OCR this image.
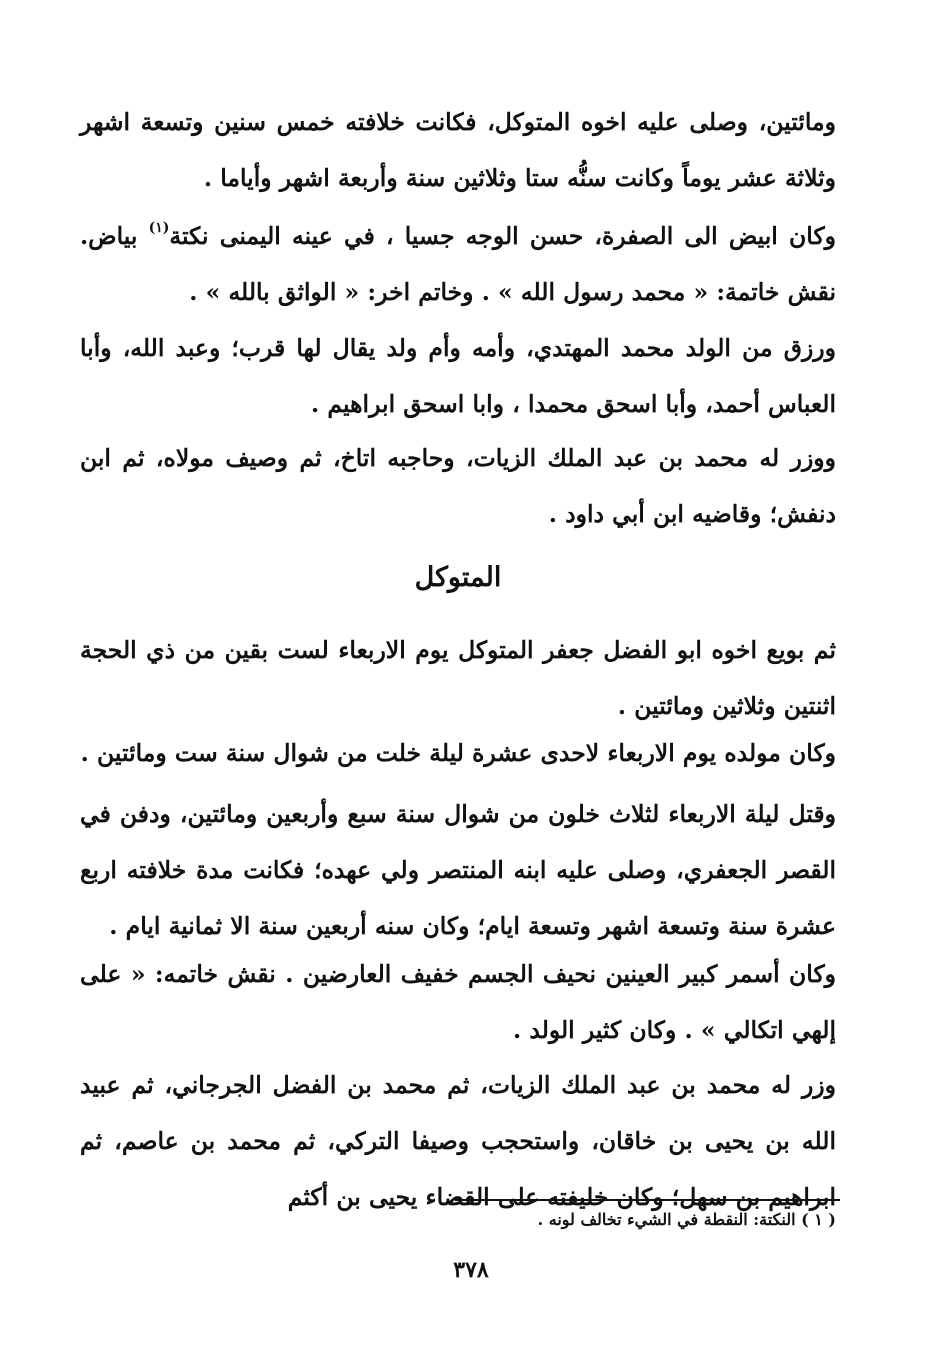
ومائتين، وصلى عليه اخوه المتوكل، فكانت خلافته خمس سنين وتسعة اشهر وثلاثة عشر يوماً وكانت سنُّه ستا وثلاثين سنة وأربعة اشهر وأياما .

وكان ابيض الى الصفرة، حسن الوجه جسيا ، في عينه اليمنى نكتة$^{(١)}$ بياض. نقش خاتمة: « محمد رسول الله » . وخاتم اخر: « الواثق بالله » .

ورزق من الولد محمد المهتدي، وأمه وأم ولد يقال لها قرب؛ وعبد الله، وأبا العباس أحمد، وأبا اسحق محمدا ، وابا اسحق ابراهيم .

ووزر له محمد بن عبد الملك الزيات، وحاجبه اتاخ، ثم وصيف مولاه، ثم ابن دنفش؛ وقاضيه ابن أبي داود .

المتوكل

ثم بويع اخوه ابو الفضل جعفر المتوكل يوم الاربعاء لست بقين من ذي الحجة اثنتين وثلاثين ومائتين .

وكان مولده يوم الاربعاء لاحدى عشرة ليلة خلت من شوال سنة ست ومائتين .

وقتل ليلة الاربعاء لثلاث خلون من شوال سنة سبع وأربعين ومائتين، ودفن في القصر الجعفري، وصلى عليه ابنه المنتصر ولي عهده؛ فكانت مدة خلافته اربع عشرة سنة وتسعة اشهر وتسعة ايام؛ وكان سنه أربعين سنة الا ثمانية ايام .

وكان أسمر كبير العينين نحيف الجسم خفيف العارضين . نقش خاتمه: « على إلهي اتكالي » . وكان كثير الولد .

وزر له محمد بن عبد الملك الزيات، ثم محمد بن الفضل الجرجاني، ثم عبيد الله بن يحيى بن خاقان، واستحجب وصيفا التركي، ثم محمد بن عاصم، ثم ابراهيم بن سهل؛ وكان خليفته على القضاء يحيى بن أكثم

( ١ ) النكتة: النقطة في الشيء تخالف لونه .

٣٧٨
